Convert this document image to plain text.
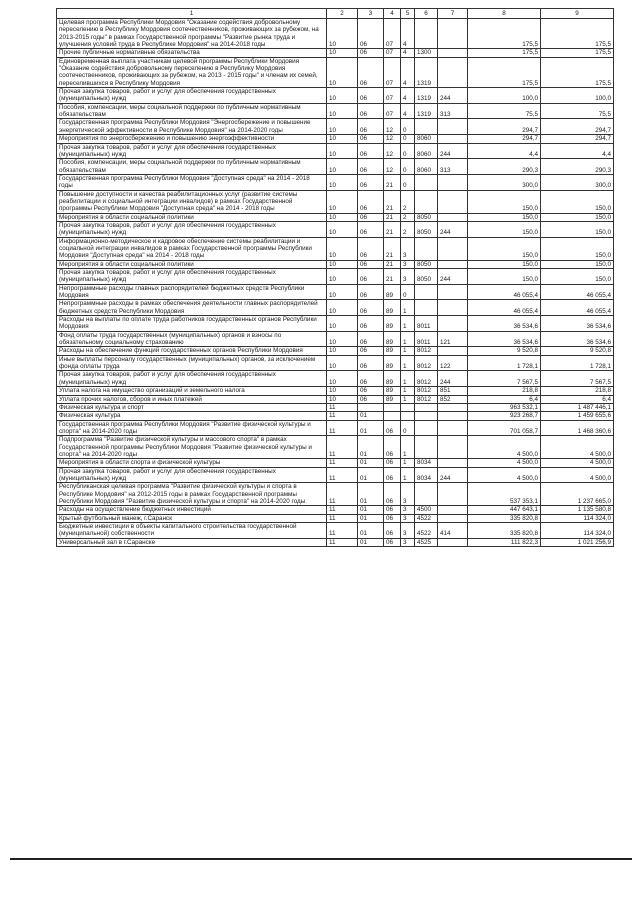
1	2	3	4	5	6	7	8	9
Целевая программа Республики Мордовия "Оказание содействия добровольному переселению в Республику Мордовия соотечественников, проживающих за рубежом, на 2013-2015 годы" в рамках Государственной программы "Развитие рынка труда и улучшения условий труда в Республике Мордовия" на 2014-2018 годы	10	06	07	4			175,5	175,5
Прочие публичные нормативные обязательства	10	06	07	4	1300		175,5	175,5
Единовременная выплата участникам целевой программы Республики Мордовия "Оказание содействия добровольному переселению в Республику Мордовия соотечественников, проживающих за рубежом, на 2013 - 2015 годы" и членам их семей, переселившихся в Республику Мордовия	10	06	07	4	1319		175,5	175,5
Прочая закупка товаров, работ и услуг для обеспечения государственных (муниципальных) нужд	10	06	07	4	1319	244	100,0	100,0
Пособия, компенсации, меры социальной поддержки по публичным нормативным обязательствам	10	06	07	4	1319	313	75,5	75,5
Государственная программа Республики Мордовия "Энергосбережение и повышение энергетической эффективности в Республике Мордовия" на 2014-2020 годы	10	06	12	0			294,7	294,7
Мероприятия по энергосбережению и повышению энергоэффективности	10	06	12	0	8060		294,7	294,7
Прочая закупка товаров, работ и услуг для обеспечения государственных (муниципальных) нужд	10	06	12	0	8060	244	4,4	4,4
Пособия, компенсации, меры социальной поддержки по публичным нормативным обязательствам	10	06	12	0	8060	313	290,3	290,3
Государственная программа Республики Мордовия "Доступная среда" на 2014 - 2018 годы	10	06	21	0			300,0	300,0
Повышение доступности и качества реабилитационных услуг (развитие системы реабилитации и социальной интеграции инвалидов) в рамках Государственной программы Республики Мордовия "Доступная среда" на 2014 - 2018 годы	10	06	21	2			150,0	150,0
Мероприятия в области социальной политики	10	06	21	2	8050		150,0	150,0
Прочая закупка товаров, работ и услуг для обеспечения государственных (муниципальных) нужд	10	06	21	2	8050	244	150,0	150,0
Информационно-методическое и кадровое обеспечение системы реабилитации и социальной интеграции инвалидов в рамках Государственной программы Республики Мордовия "Доступная среда" на 2014 - 2018 годы	10	06	21	3			150,0	150,0
Мероприятия в области социальной политики	10	06	21	3	8050		150,0	150,0
Прочая закупка товаров, работ и услуг для обеспечения государственных (муниципальных) нужд	10	06	21	3	8050	244	150,0	150,0
Непрограммные расходы главных распорядителей бюджетных средств Республики Мордовия	10	06	89	0			46 055,4	46 055,4
Непрограммные расходы в рамках обеспечения деятельности главных распорядителей бюджетных средств Республики Мордовия	10	06	89	1			46 055,4	46 055,4
Расходы на выплаты по оплате труда работников государственных органов Республики Мордовия	10	06	89	1	8011		36 534,6	36 534,6
Фонд оплаты труда государственных (муниципальных) органов и взносы по обязательному социальному страхованию	10	06	89	1	8011	121	36 534,6	36 534,6
Расходы на обеспечение функций государственных органов Республики Мордовия	10	06	89	1	8012		9 520,8	9 520,8
Иные выплаты персоналу государственных (муниципальных) органов, за исключением фонда оплаты труда	10	06	89	1	8012	122	1 728,1	1 728,1
Прочая закупка товаров, работ и услуг для обеспечения государственных (муниципальных) нужд	10	06	89	1	8012	244	7 567,5	7 567,5
Уплата налога на имущество организаций и земельного налога	10	06	89	1	8012	851	218,8	218,8
Уплата прочих налогов, сборов и иных платежей	10	06	89	1	8012	852	6,4	6,4
Физическая культура и спорт	11						963 532,1	1 487 446,1
Физическая культура	11	01					923 268,7	1 459 655,6
Государственная программа Республики Мордовия "Развитие физической культуры и спорта" на 2014-2020 годы	11	01	06	0			701 058,7	1 468 360,6
Подпрограмма "Развитие физической культуры и массового спорта" в рамках Государственной программы Республики Мордовия "Развитие физической культуры и спорта" на 2014-2020 годы	11	01	06	1			4 500,0	4 500,0
Мероприятия в области спорта и физической культуры	11	01	06	1	8034		4 500,0	4 500,0
Прочая закупка товаров, работ и услуг для обеспечения государственных (муниципальных) нужд	11	01	06	1	8034	244	4 500,0	4 500,0
Республиканская целевая программа "Развитие физической культуры и спорта в Республике Мордовия" на 2012-2015 годы в рамках Государственной программы Республики Мордовия "Развитие физической культуры и спорта" на 2014-2020 годы	11	01	06	3			537 353,1	1 237 665,0
Расходы на осуществление бюджетных инвестиций	11	01	06	3	4500		447 643,1	1 135 580,8
Крытый футбольный манеж, г.Саранск	11	01	06	3	4522		335 820,8	114 324,0
Бюджетные инвестиции в объекты капитального строительства государственной (муниципальной) собственности	11	01	06	3	4522	414	335 820,8	114 324,0
Универсальный зал в г.Саранске	11	01	06	3	4525		111 822,3	1 021 256,9
